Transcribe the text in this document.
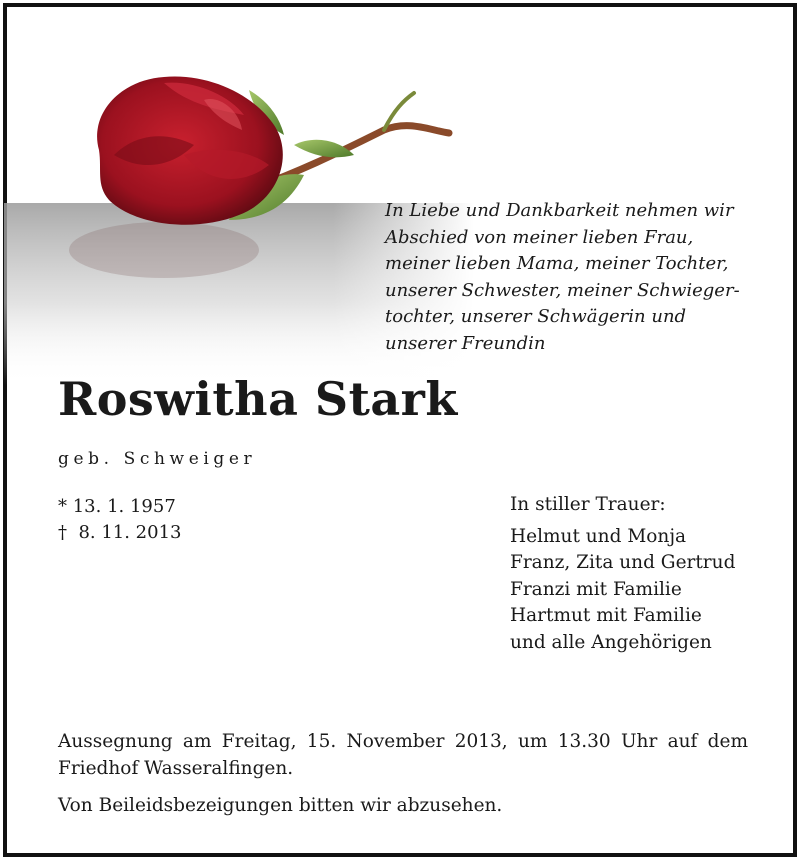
In Liebe und Dankbarkeit nehmen wir
Abschied von meiner lieben Frau,
meiner lieben Mama, meiner Tochter,
unserer Schwester, meiner Schwieger-
tochter, unserer Schwägerin und
unserer Freundin
Roswitha Stark
geb. Schweiger
* 13. 1. 1957
†  8. 11. 2013
In stiller Trauer:
Helmut und Monja
Franz, Zita und Gertrud
Franzi mit Familie
Hartmut mit Familie
und alle Angehörigen
Aussegnung am Freitag, 15. November 2013, um 13.30 Uhr auf dem Friedhof Wasseralfingen.
Von Beileidsbezeigungen bitten wir abzusehen.
